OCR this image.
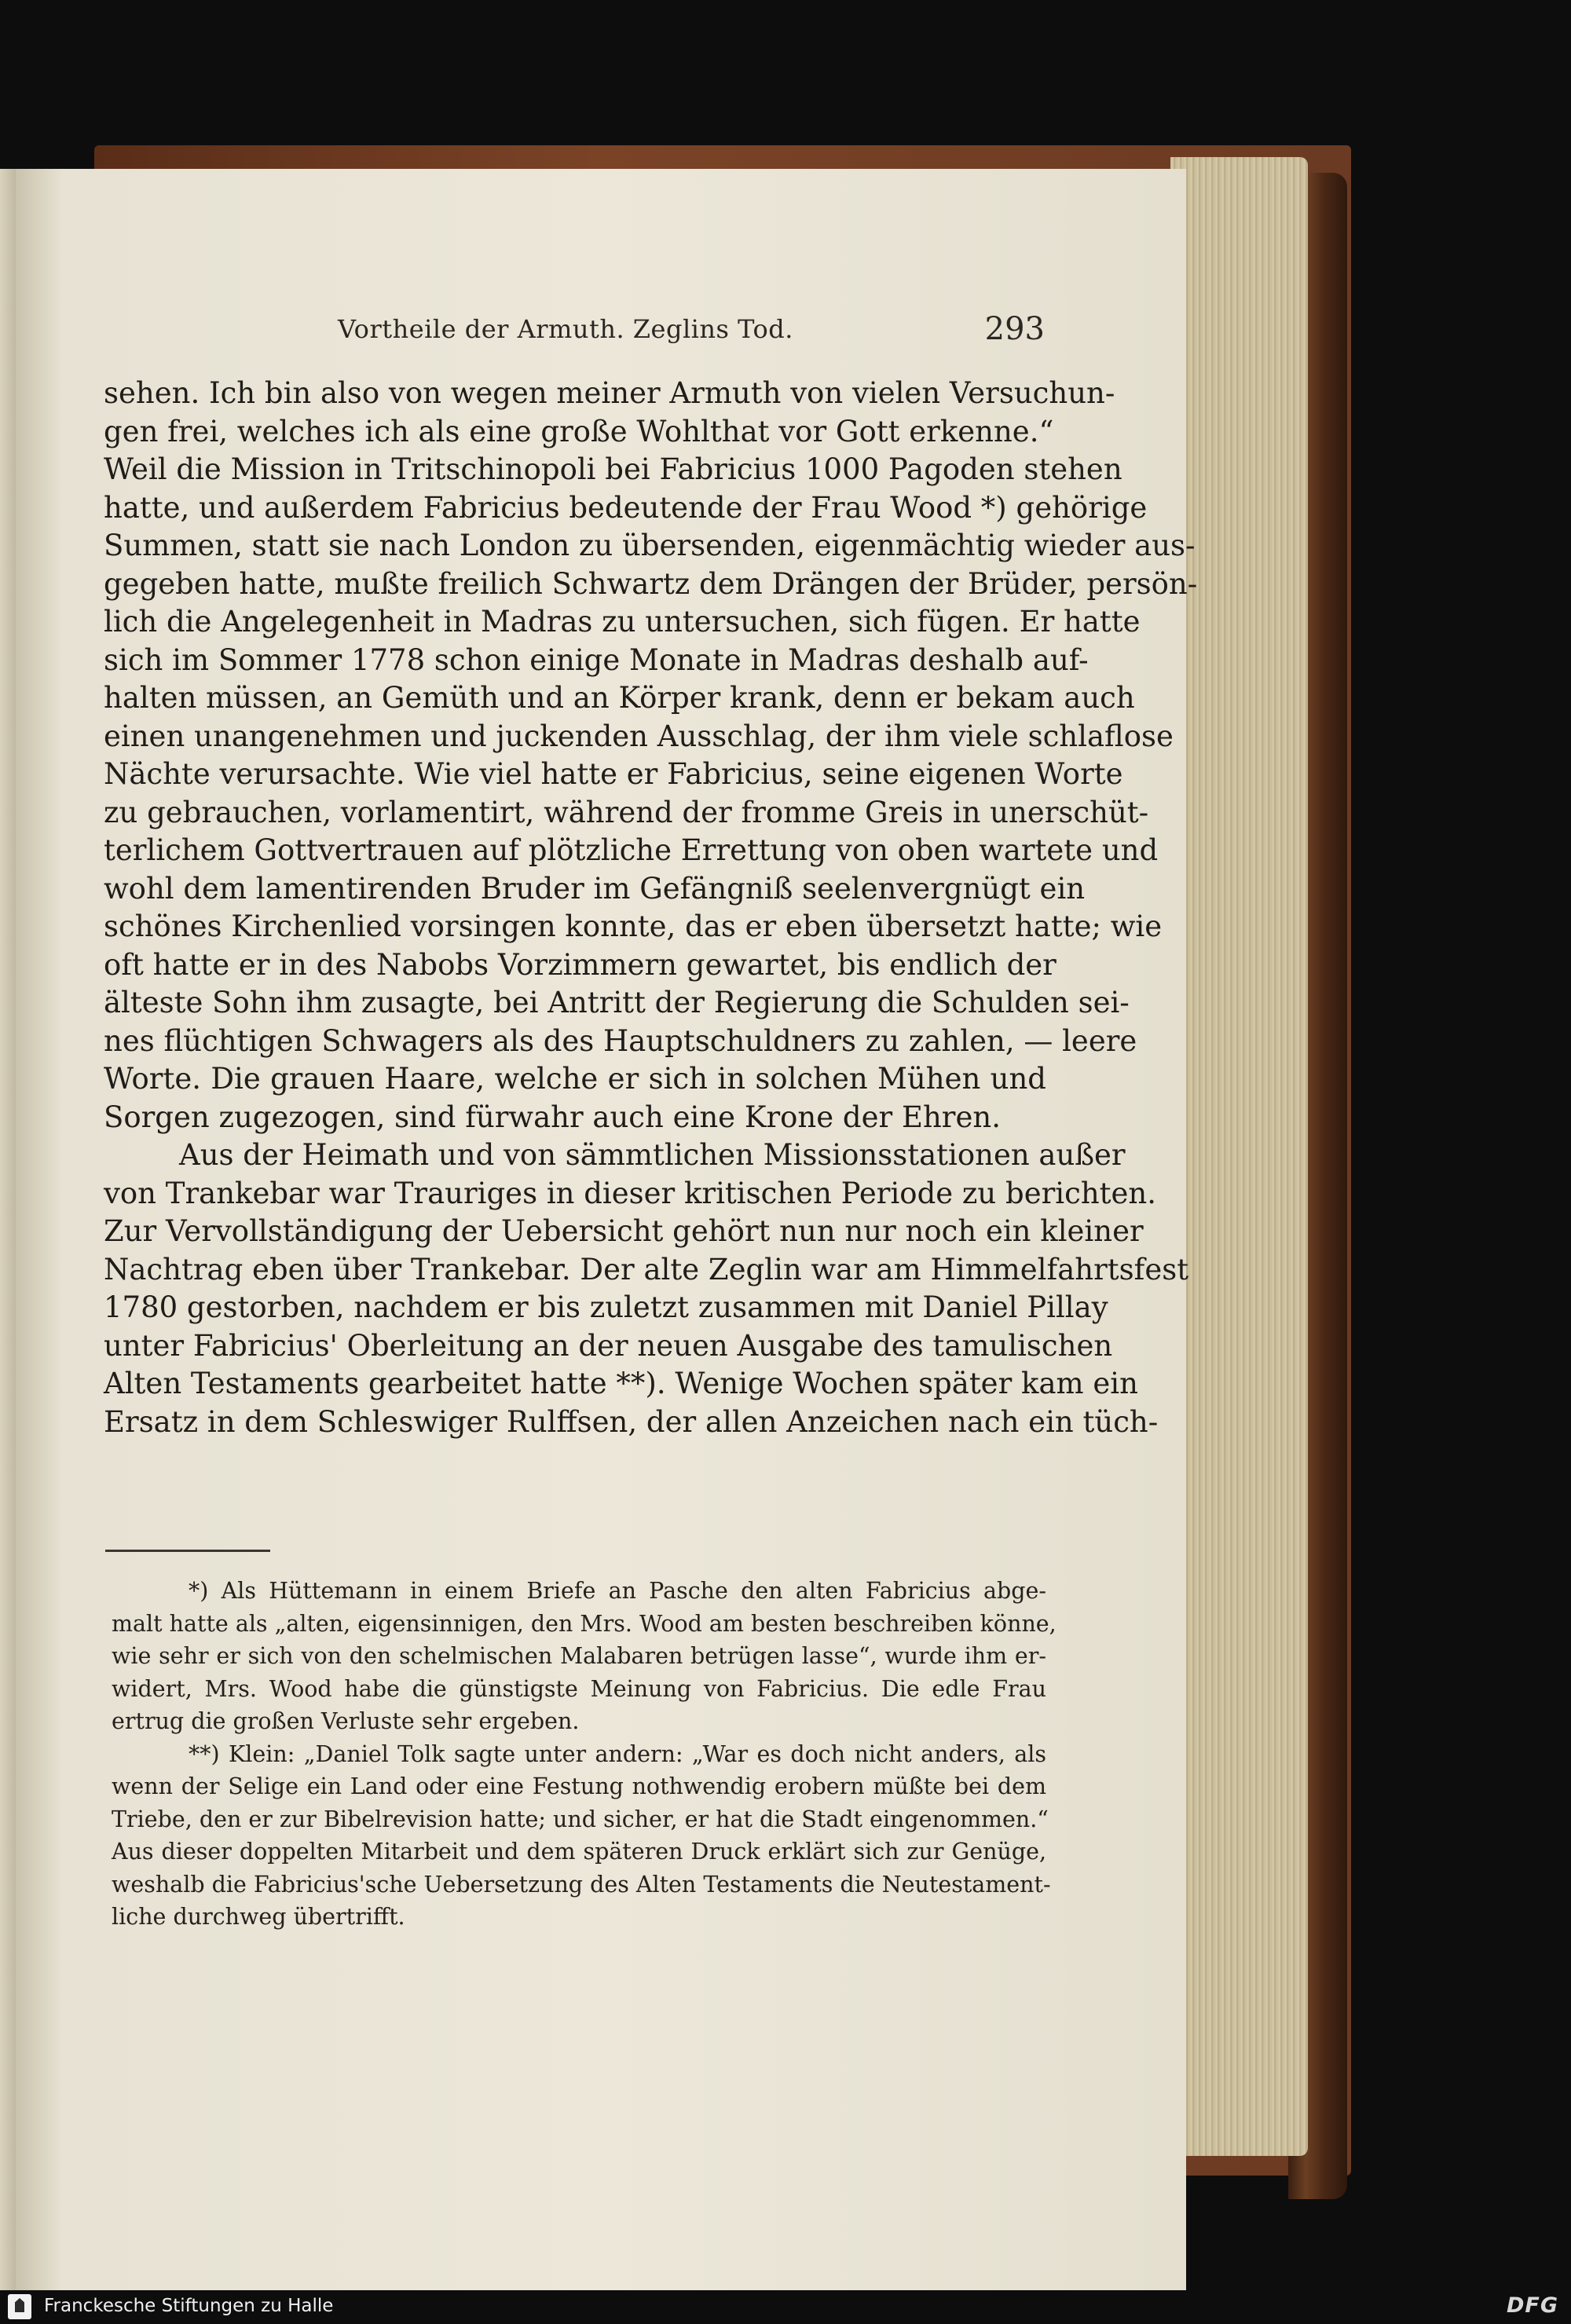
Vortheile der Armuth. Zeglins Tod.	293
sehen. Ich bin also von wegen meiner Armuth von vielen Versuchun-
gen frei, welches ich als eine große Wohlthat vor Gott erkenne.“
Weil die Mission in Tritschinopoli bei Fabricius 1000 Pagoden stehen
hatte, und außerdem Fabricius bedeutende der Frau Wood *) gehörige
Summen, statt sie nach London zu übersenden, eigenmächtig wieder aus-
gegeben hatte, mußte freilich Schwartz dem Drängen der Brüder, persön-
lich die Angelegenheit in Madras zu untersuchen, sich fügen. Er hatte
sich im Sommer 1778 schon einige Monate in Madras deshalb auf-
halten müssen, an Gemüth und an Körper krank, denn er bekam auch
einen unangenehmen und juckenden Ausschlag, der ihm viele schlaflose
Nächte verursachte. Wie viel hatte er Fabricius, seine eigenen Worte
zu gebrauchen, vorlamentirt, während der fromme Greis in unerschüt-
terlichem Gottvertrauen auf plötzliche Errettung von oben wartete und
wohl dem lamentirenden Bruder im Gefängniß seelenvergnügt ein
schönes Kirchenlied vorsingen konnte, das er eben übersetzt hatte; wie
oft hatte er in des Nabobs Vorzimmern gewartet, bis endlich der
älteste Sohn ihm zusagte, bei Antritt der Regierung die Schulden sei-
nes flüchtigen Schwagers als des Hauptschuldners zu zahlen, — leere
Worte. Die grauen Haare, welche er sich in solchen Mühen und
Sorgen zugezogen, sind fürwahr auch eine Krone der Ehren.
Aus der Heimath und von sämmtlichen Missionsstationen außer
von Trankebar war Trauriges in dieser kritischen Periode zu berichten.
Zur Vervollständigung der Uebersicht gehört nun nur noch ein kleiner
Nachtrag eben über Trankebar. Der alte Zeglin war am Himmelfahrtsfest
1780 gestorben, nachdem er bis zuletzt zusammen mit Daniel Pillay
unter Fabricius' Oberleitung an der neuen Ausgabe des tamulischen
Alten Testaments gearbeitet hatte **). Wenige Wochen später kam ein
Ersatz in dem Schleswiger Rulffsen, der allen Anzeichen nach ein tüch-
*) Als Hüttemann in einem Briefe an Pasche den alten Fabricius abge-
malt hatte als „alten, eigensinnigen, den Mrs. Wood am besten beschreiben könne,
wie sehr er sich von den schelmischen Malabaren betrügen lasse“, wurde ihm er-
widert, Mrs. Wood habe die günstigste Meinung von Fabricius. Die edle Frau
ertrug die großen Verluste sehr ergeben.
**) Klein: „Daniel Tolk sagte unter andern: „War es doch nicht anders, als
wenn der Selige ein Land oder eine Festung nothwendig erobern müßte bei dem
Triebe, den er zur Bibelrevision hatte; und sicher, er hat die Stadt eingenommen.“
Aus dieser doppelten Mitarbeit und dem späteren Druck erklärt sich zur Genüge,
weshalb die Fabricius'sche Uebersetzung des Alten Testaments die Neutestament-
liche durchweg übertrifft.
Franckesche Stiftungen zu Halle	DFG
